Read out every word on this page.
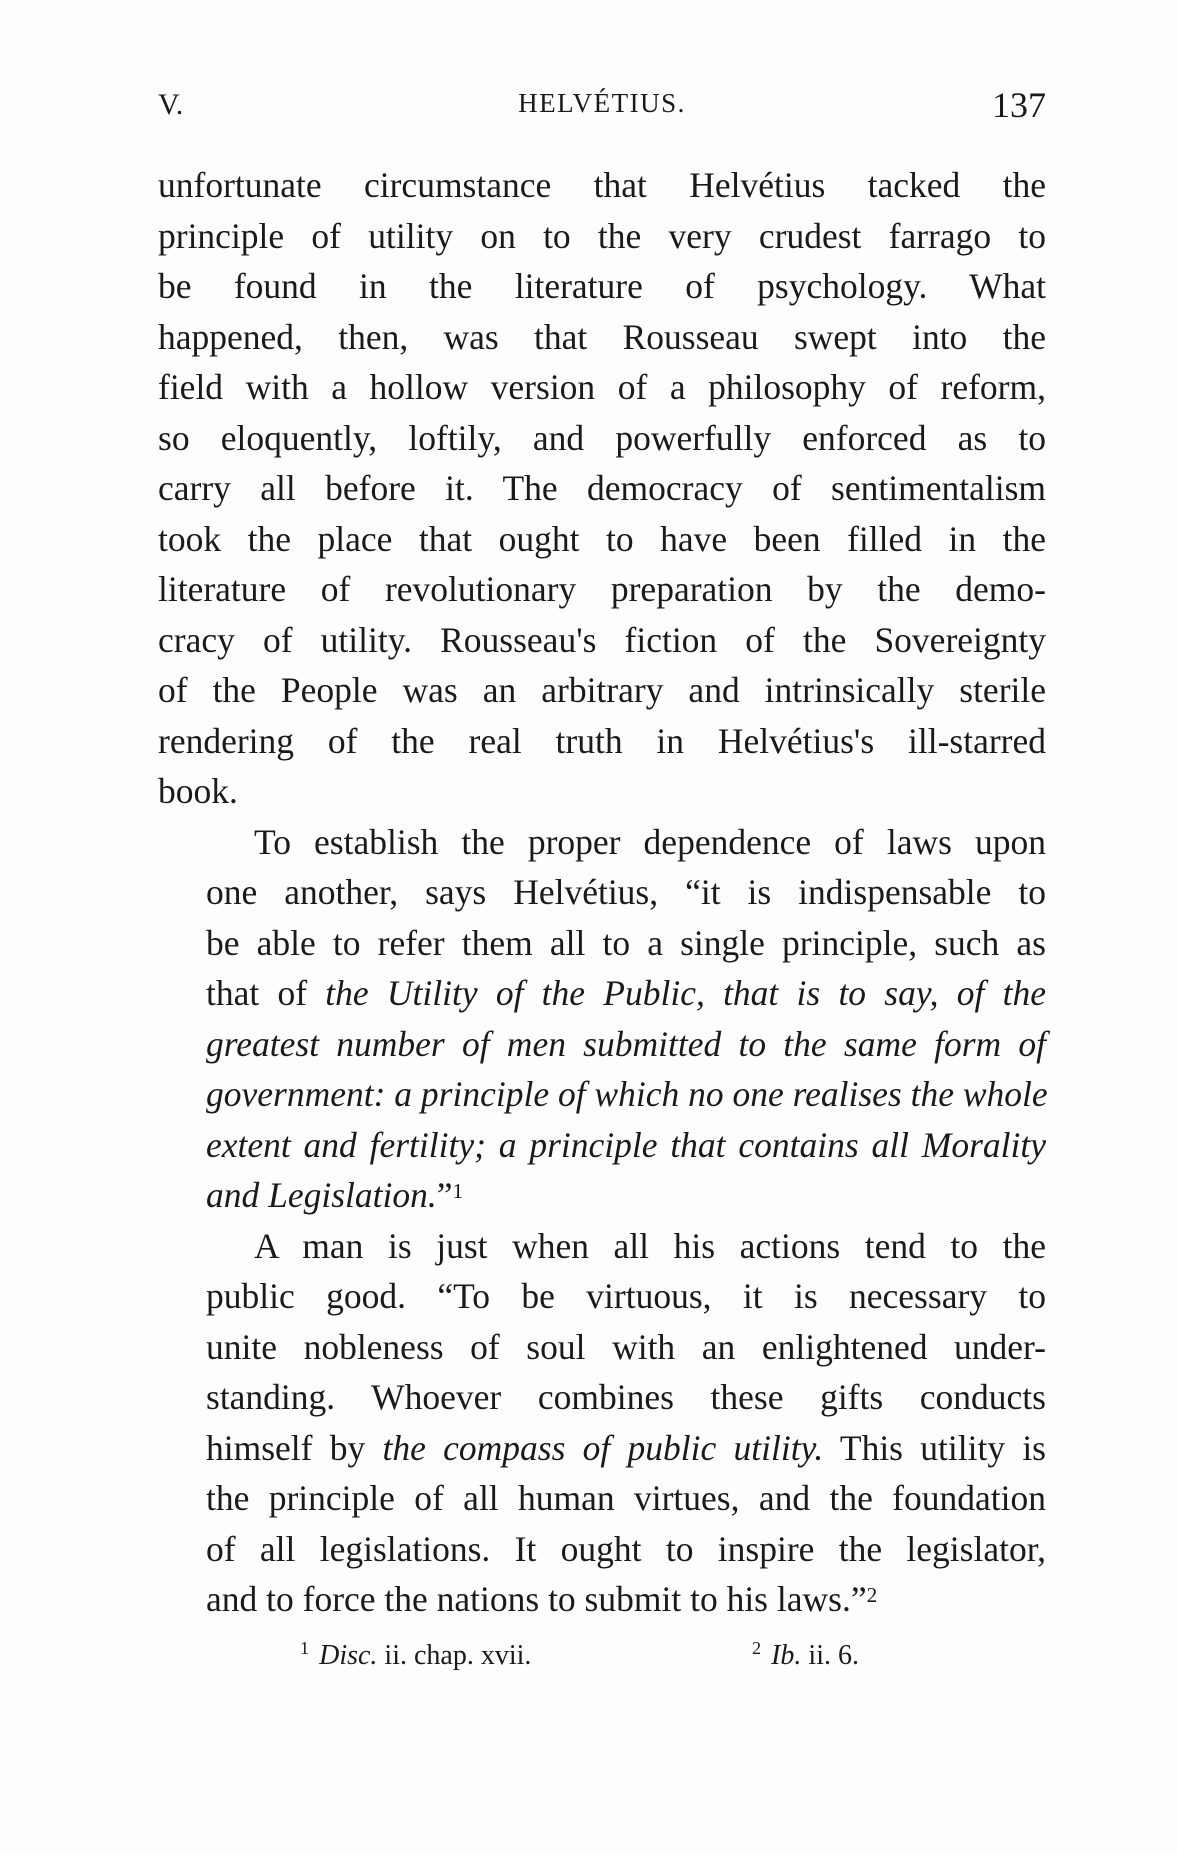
V.	HELVÉTIUS.	137

unfortunate circumstance that Helvétius tacked the
principle of utility on to the very crudest farrago to
be found in the literature of psychology. What
happened, then, was that Rousseau swept into the
field with a hollow version of a philosophy of reform,
so eloquently, loftily, and powerfully enforced as to
carry all before it. The democracy of sentimentalism
took the place that ought to have been filled in the
literature of revolutionary preparation by the demo-
cracy of utility. Rousseau's fiction of the Sovereignty
of the People was an arbitrary and intrinsically sterile
rendering of the real truth in Helvétius's ill-starred
book.

To establish the proper dependence of laws upon
one another, says Helvétius, “it is indispensable to
be able to refer them all to a single principle, such as
that of the Utility of the Public, that is to say, of the
greatest number of men submitted to the same form of
government: a principle of which no one realises the whole
extent and fertility; a principle that contains all Morality
and Legislation.”$^1$

A man is just when all his actions tend to the
public good. “To be virtuous, it is necessary to
unite nobleness of soul with an enlightened under-
standing. Whoever combines these gifts conducts
himself by the compass of public utility. This utility is
the principle of all human virtues, and the foundation
of all legislations. It ought to inspire the legislator,
and to force the nations to submit to his laws.”$^2$

$^1$ Disc. ii. chap. xvii.	$^2$ Ib. ii. 6.
